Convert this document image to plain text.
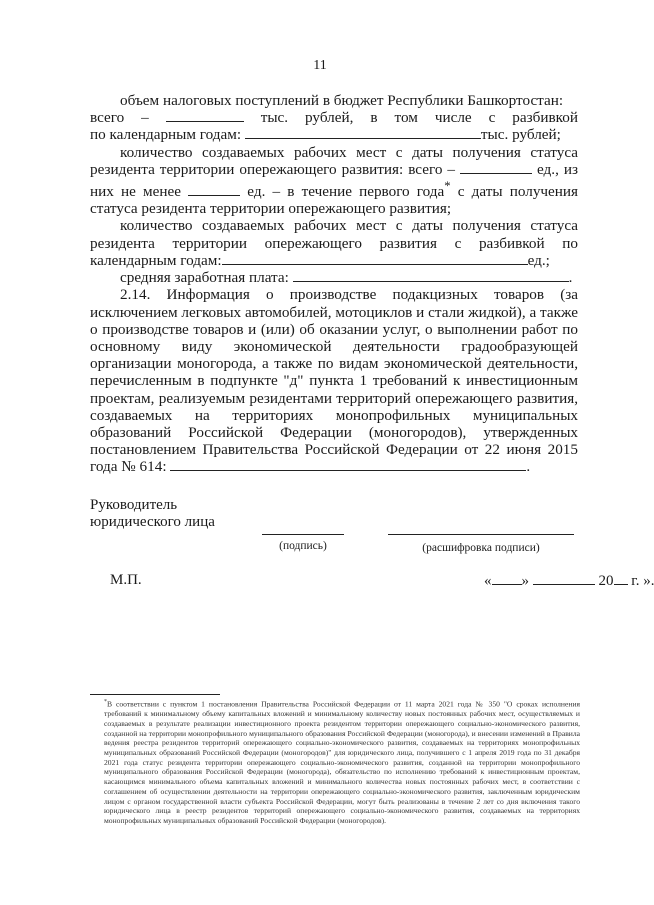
11

объем налоговых поступлений в бюджет Республики Башкортостан:

всего –	тыс. рублей, в том числе с разбивкой

по календарным годам:	тыс. рублей;

количество создаваемых рабочих мест с даты получения статуса резидента территории опережающего развития: всего –	ед., из них не менее	ед. – в течение первого года* с даты получения статуса резидента территории опережающего развития;

количество создаваемых рабочих мест с даты получения статуса резидента территории опережающего развития с разбивкой по календарным годам:	ед.;

средняя заработная плата:	.

2.14. Информация о производстве подакцизных товаров (за исключением легковых автомобилей, мотоциклов и стали жидкой), а также о производстве товаров и (или) об оказании услуг, о выполнении работ по основному виду экономической деятельности градообразующей организации моногорода, а также по видам экономической деятельности, перечисленным в подпункте "д" пункта 1 требований к инвестиционным проектам, реализуемым резидентами территорий опережающего развития, создаваемых на территориях монопрофильных муниципальных образований Российской Федерации (моногородов), утвержденных постановлением Правительства Российской Федерации от 22 июня 2015 года № 614:	.

Руководитель
юридического лица
(подпись)	(расшифровка подписи)
М.П.	« »	20 г. ».
*В соответствии с пунктом 1 постановления Правительства Российской Федерации от 11 марта 2021 года № 350 "О сроках исполнения требований к минимальному объему капитальных вложений и минимальному количеству новых постоянных рабочих мест, осуществляемых и создаваемых в результате реализации инвестиционного проекта резидентом территории опережающего социально-экономического развития, созданной на территории монопрофильного муниципального образования Российской Федерации (моногорода), и внесении изменений в Правила ведения реестра резидентов территорий опережающего социально-экономического развития, создаваемых на территориях монопрофильных муниципальных образований Российской Федерации (моногородов)" для юридического лица, получившего с 1 апреля 2019 года по 31 декабря 2021 года статус резидента территории опережающего социально-экономического развития, созданной на территории монопрофильного муниципального образования Российской Федерации (моногорода), обязательство по исполнению требований к инвестиционным проектам, касающимся минимального объема капитальных вложений и минимального количества новых постоянных рабочих мест, в соответствии с соглашением об осуществлении деятельности на территории опережающего социально-экономического развития, заключенным юридическим лицом с органом государственной власти субъекта Российской Федерации, могут быть реализованы в течение 2 лет со дня включения такого юридического лица в реестр резидентов территорий опережающего социально-экономического развития, создаваемых на территориях монопрофильных муниципальных образований Российской Федерации (моногородов).
